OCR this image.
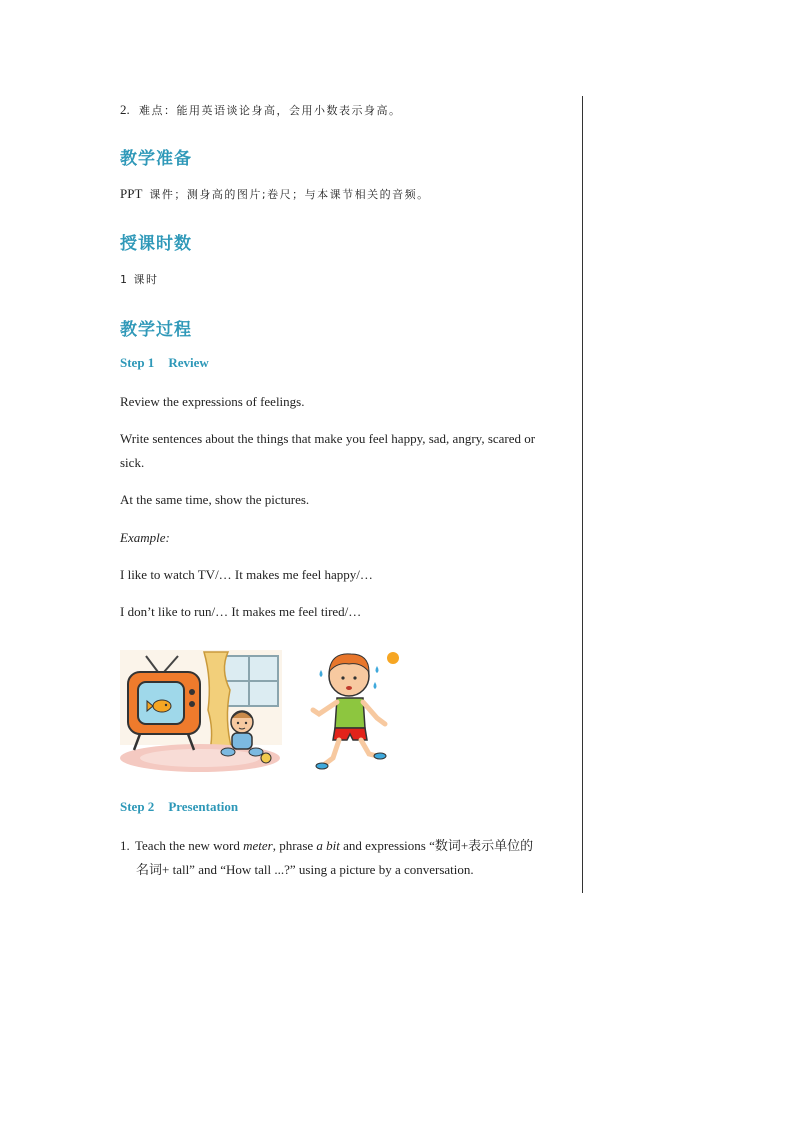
2. 难点：能用英语谈论身高，会用小数表示身高。
教学准备
PPT 课件；测身高的图片;卷尺；与本课节相关的音频。
授课时数
1 课时
教学过程
Step 1 Review
Review the expressions of feelings.
Write sentences about the things that make you feel happy, sad, angry, scared or
sick.
At the same time, show the pictures.
Example:
I like to watch TV/… It makes me feel happy/…
I don’t like to run/… It makes me feel tired/…
Step 2 Presentation
1. Teach the new word meter, phrase a bit and expressions “数词+表示单位的
名词+ tall” and “How tall ...?” using a picture by a conversation.
